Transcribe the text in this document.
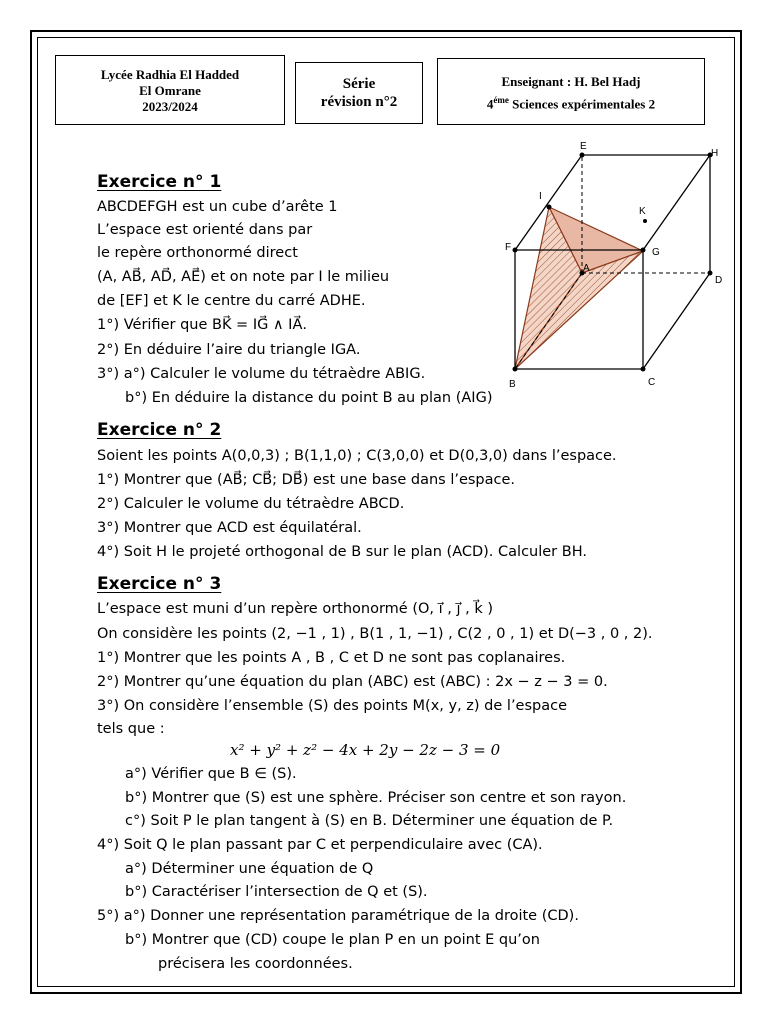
Lycée Radhia El Hadded
El Omrane
2023/2024
Série
révision n°2
Enseignant : H. Bel Hadj
$4^{éme}$ Sciences expérimentales 2
E
H
I
K
F	G
A
D
B	C
Exercice n° 1
ABCDEFGH est un cube d’arête 1
L’espace est orienté dans par
le repère orthonormé direct
(A, AB⃗, AD⃗, AE⃗) et on note par I le milieu
de [EF] et K le centre du carré ADHE.
1°) Vérifier que BK⃗ = IG⃗ ∧ IA⃗.
2°) En déduire l’aire du triangle IGA.
3°) a°) Calculer le volume du tétraèdre ABIG.
b°) En déduire la distance du point B au plan (AIG)
Exercice n° 2
Soient les points A(0,0,3) ; B(1,1,0) ; C(3,0,0) et D(0,3,0) dans l’espace.
1°) Montrer que (AB⃗; CB⃗; DB⃗) est une base dans l’espace.
2°) Calculer le volume du tétraèdre ABCD.
3°) Montrer que ACD est équilatéral.
4°) Soit H le projeté orthogonal de B sur le plan (ACD). Calculer BH.
Exercice n° 3
L’espace est muni d’un repère orthonormé (O, i⃗ , j⃗ , k⃗ )
On considère les points (2, −1 , 1) , B(1 , 1, −1) , C(2 , 0 , 1) et D(−3 , 0 , 2).
1°) Montrer que les points A , B , C et D ne sont pas coplanaires.
2°) Montrer qu’une équation du plan (ABC) est (ABC) : 2x − z − 3 = 0.
3°) On considère l’ensemble (S) des points M(x, y, z) de l’espace
tels que :
x² + y² + z² − 4x + 2y − 2z − 3 = 0
a°) Vérifier que B ∈ (S).
b°) Montrer que (S) est une sphère. Préciser son centre et son rayon.
c°) Soit P le plan tangent à (S) en B. Déterminer une équation de P.
4°) Soit Q le plan passant par C et perpendiculaire avec (CA).
a°) Déterminer une équation de Q
b°) Caractériser l’intersection de Q et (S).
5°) a°) Donner une représentation paramétrique de la droite (CD).
b°) Montrer que (CD) coupe le plan P en un point E qu’on
précisera les coordonnées.
